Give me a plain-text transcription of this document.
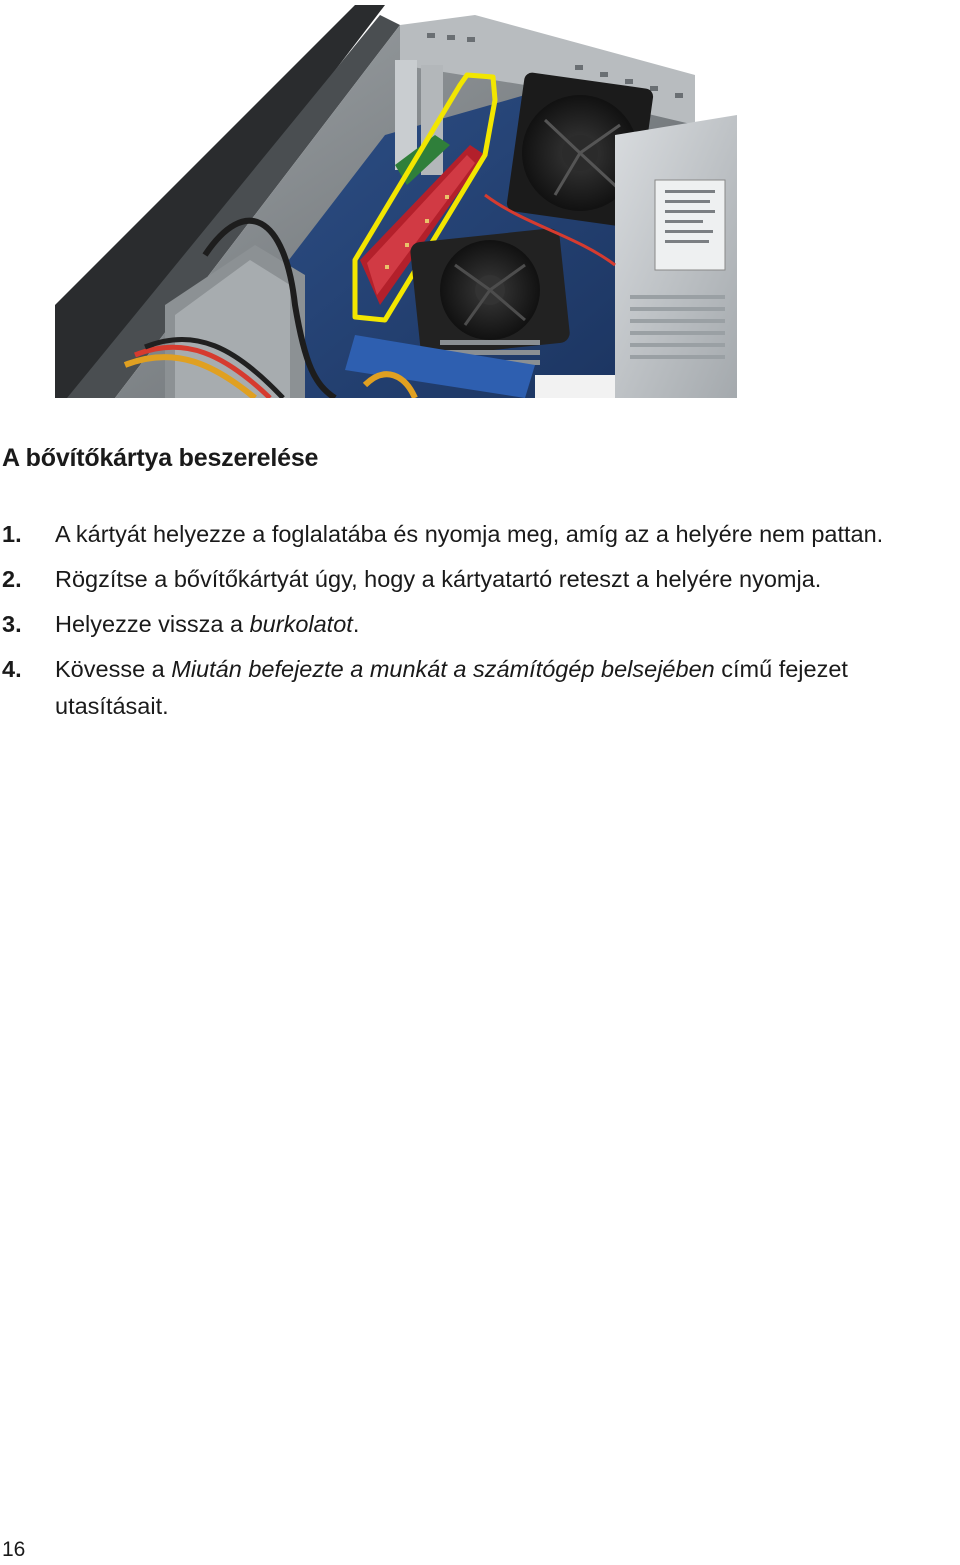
A bővítőkártya beszerelése
1. A kártyát helyezze a foglalatába és nyomja meg, amíg az a helyére nem pattan.
2. Rögzítse a bővítőkártyát úgy, hogy a kártyatartó reteszt a helyére nyomja.
3. Helyezze vissza a burkolatot.
4. Kövesse a Miután befejezte a munkát a számítógép belsejében című fejezet utasításait.
16
